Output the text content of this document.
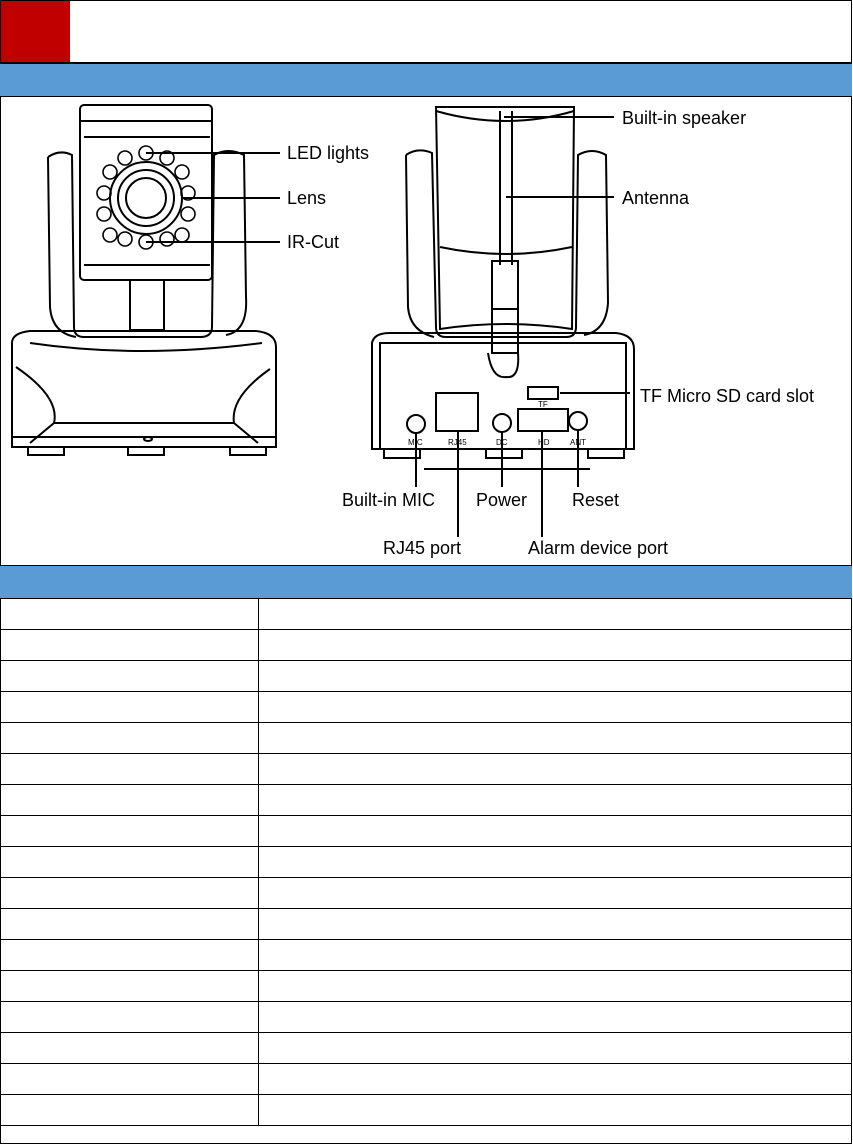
LED lights
Lens
IR-Cut
MIC	RJ45	DC	HD	ANT
TF
Built-in speaker
Antenna
TF Micro SD card slot
Built-in MIC Power Reset
RJ45 port	Alarm device port
